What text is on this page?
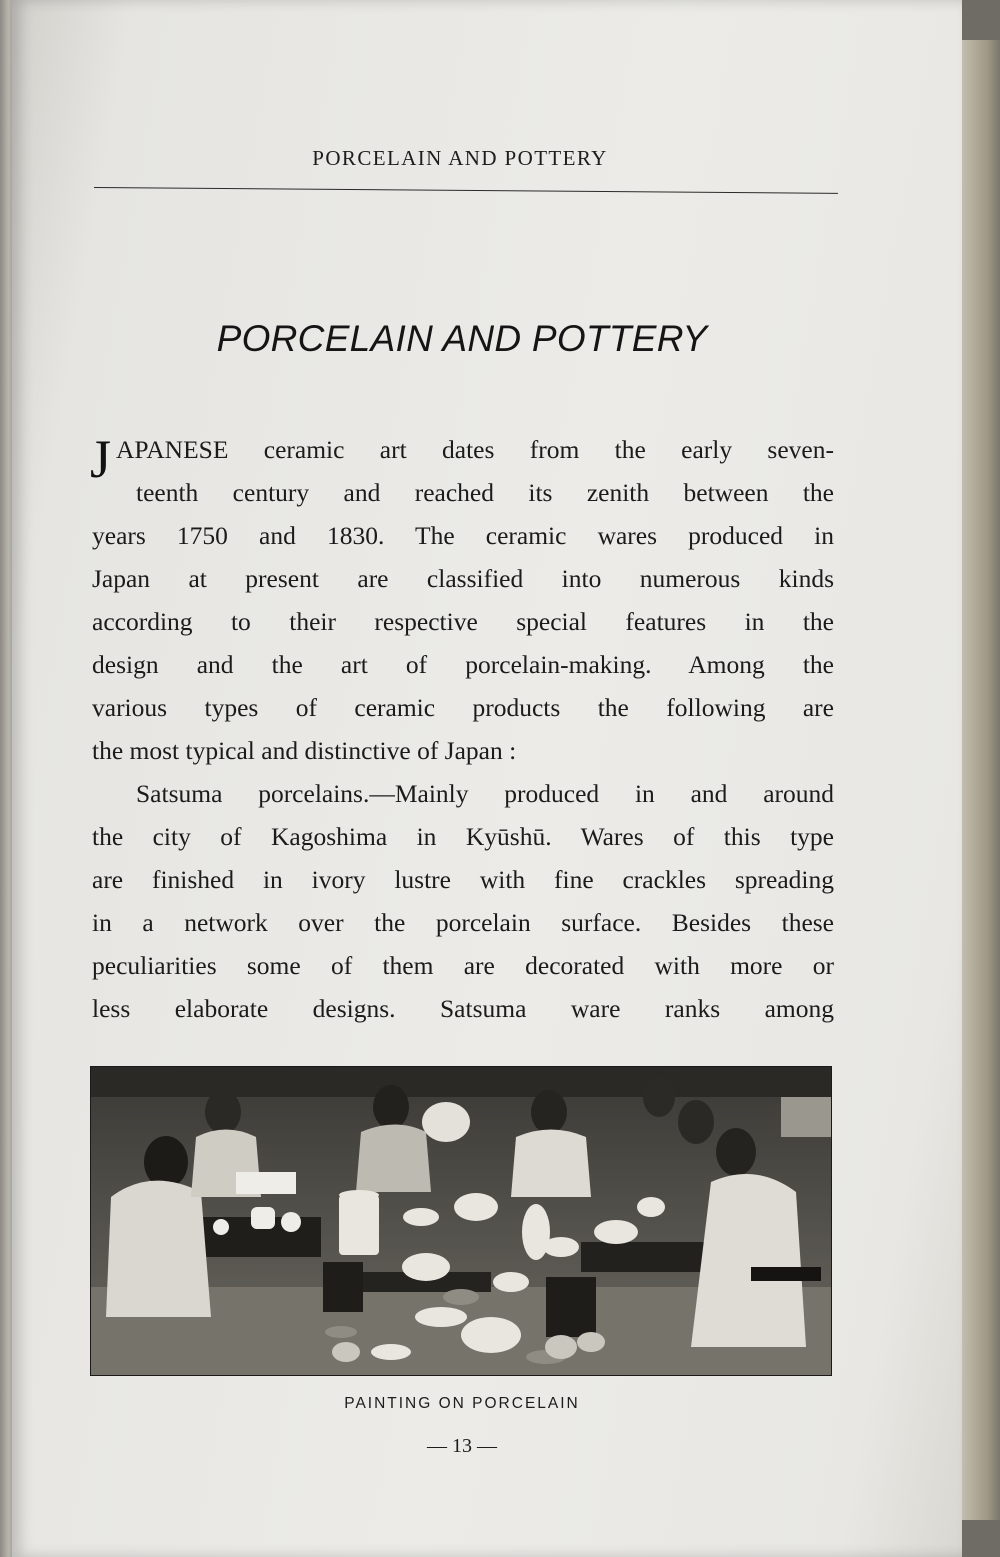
PORCELAIN AND POTTERY
PORCELAIN AND POTTERY
J APANESE ceramic art dates from the early seven-
teenth century and reached its zenith between the
years 1750 and 1830. The ceramic wares produced in
Japan at present are classified into numerous kinds
according to their respective special features in the
design and the art of porcelain-making. Among the
various types of ceramic products the following are
the most typical and distinctive of Japan :
Satsuma porcelains.—Mainly produced in and around
the city of Kagoshima in Kyūshū. Wares of this type
are finished in ivory lustre with fine crackles spreading
in a network over the porcelain surface. Besides these
peculiarities some of them are decorated with more or
less elaborate designs. Satsuma ware ranks among
PAINTING ON PORCELAIN
— 13 —
